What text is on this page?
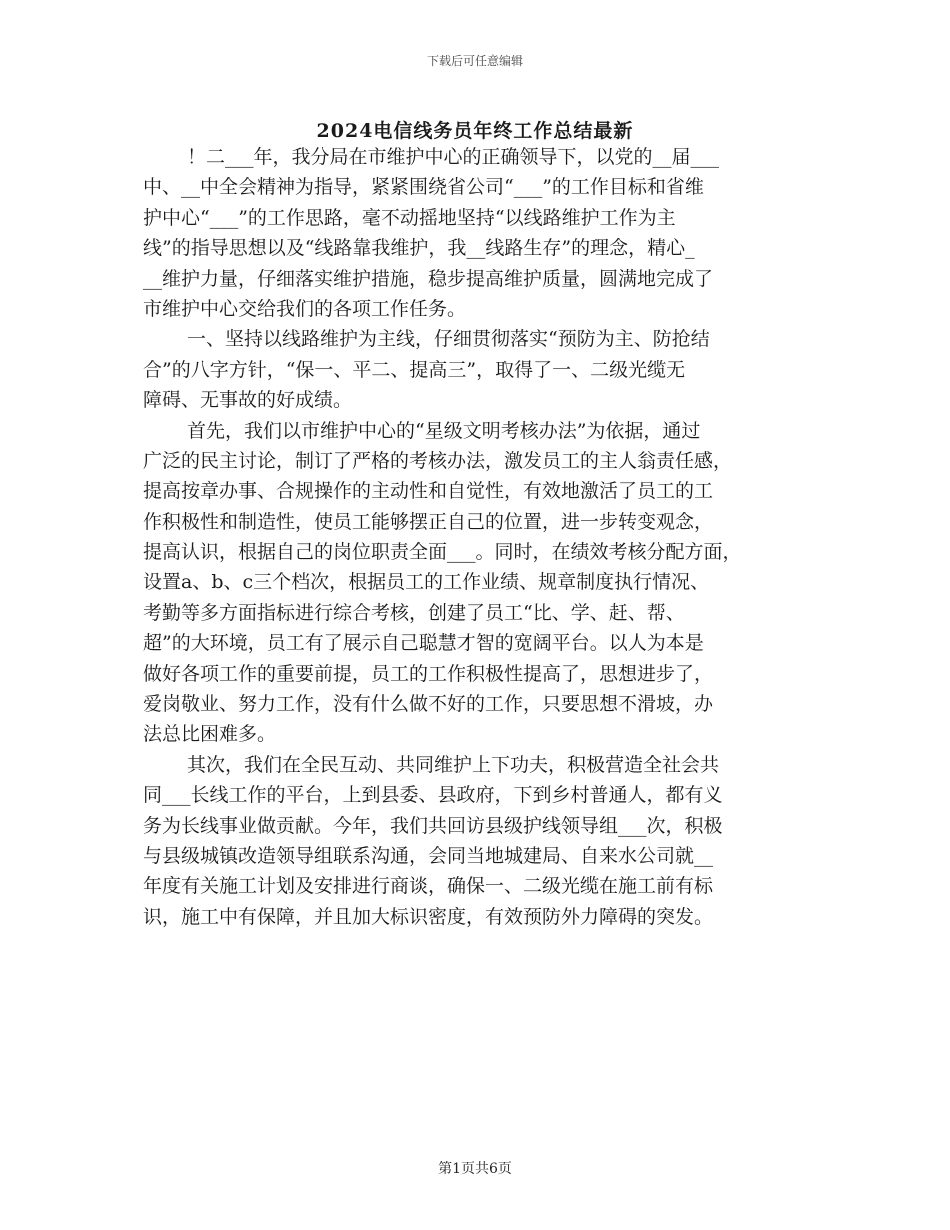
下载后可任意编辑
2024电信线务员年终工作总结最新
！二___年，我分局在市维护中心的正确领导下，以党的__届___
中、__中全会精神为指导，紧紧围绕省公司“___”的工作目标和省维
护中心“___”的工作思路，毫不动摇地坚持“以线路维护工作为主
线”的指导思想以及“线路靠我维护，我__线路生存”的理念，精心_
__维护力量，仔细落实维护措施，稳步提高维护质量，圆满地完成了
市维护中心交给我们的各项工作任务。
一、坚持以线路维护为主线，仔细贯彻落实“预防为主、防抢结
合”的八字方针，“保一、平二、提高三”，取得了一、二级光缆无
障碍、无事故的好成绩。
首先，我们以市维护中心的“星级文明考核办法”为依据，通过
广泛的民主讨论，制订了严格的考核办法，激发员工的主人翁责任感，
提高按章办事、合规操作的主动性和自觉性，有效地激活了员工的工
作积极性和制造性，使员工能够摆正自己的位置，进一步转变观念，
提高认识，根据自己的岗位职责全面___。同时，在绩效考核分配方面，
设置a、b、c三个档次，根据员工的工作业绩、规章制度执行情况、
考勤等多方面指标进行综合考核，创建了员工“比、学、赶、帮、
超”的大环境，员工有了展示自己聪慧才智的宽阔平台。以人为本是
做好各项工作的重要前提，员工的工作积极性提高了，思想进步了，
爱岗敬业、努力工作，没有什么做不好的工作，只要思想不滑坡，办
法总比困难多。
其次，我们在全民互动、共同维护上下功夫，积极营造全社会共
同___长线工作的平台，上到县委、县政府，下到乡村普通人，都有义
务为长线事业做贡献。今年，我们共回访县级护线领导组___次，积极
与县级城镇改造领导组联系沟通，会同当地城建局、自来水公司就__
年度有关施工计划及安排进行商谈，确保一、二级光缆在施工前有标
识，施工中有保障，并且加大标识密度，有效预防外力障碍的突发。
第1页共6页
